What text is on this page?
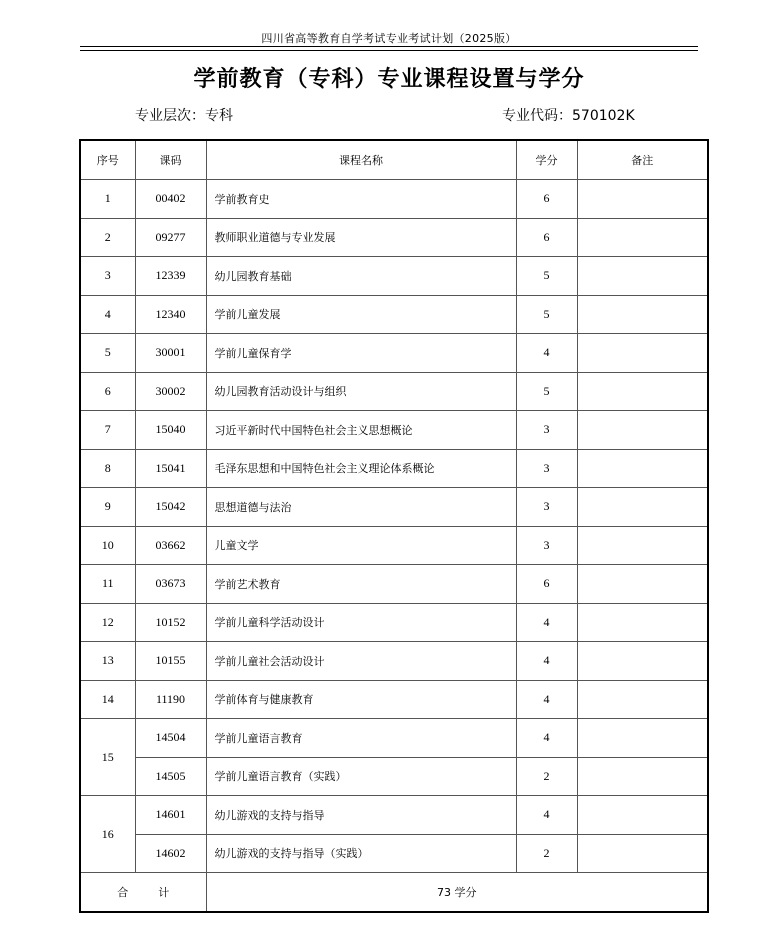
四川省高等教育自学考试专业考试计划（2025版）
学前教育（专科）专业课程设置与学分
专业层次：专科	专业代码：570102K
序号	课码	课程名称	学分	备注
1	00402	学前教育史	6	
2	09277	教师职业道德与专业发展	6	
3	12339	幼儿园教育基础	5	
4	12340	学前儿童发展	5	
5	30001	学前儿童保育学	4	
6	30002	幼儿园教育活动设计与组织	5	
7	15040	习近平新时代中国特色社会主义思想概论	3	
8	15041	毛泽东思想和中国特色社会主义理论体系概论	3	
9	15042	思想道德与法治	3	
10	03662	儿童文学	3	
11	03673	学前艺术教育	6	
12	10152	学前儿童科学活动设计	4	
13	10155	学前儿童社会活动设计	4	
14	11190	学前体育与健康教育	4	
15	14504	学前儿童语言教育	4	
	14505	学前儿童语言教育（实践）	2	
16	14601	幼儿游戏的支持与指导	4	
	14602	幼儿游戏的支持与指导（实践）	2	
合 计		73 学分		
